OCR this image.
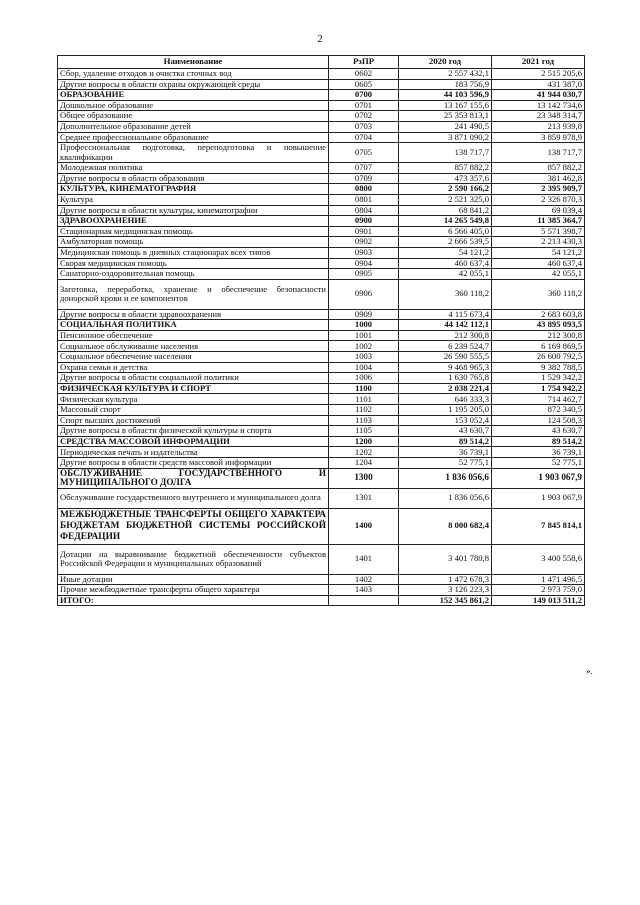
2
Наименование	РзПР	2020 год	2021 год
Сбор, удаление отходов и очистка сточных вод	0602	2 557 432,1	2 515 205,6
Другие вопросы в области охраны окружающей среды	0605	183 756,9	431 387,0
ОБРАЗОВАНИЕ	0700	44 103 596,9	41 944 030,7
Дошкольное образование	0701	13 167 155,6	13 142 734,6
Общее образование	0702	25 353 813,1	23 348 314,7
Дополнительное образование детей	0703	241 490,5	213 939,8
Среднее профессиональное образование	0704	3 871 090,2	3 859 978,9
Профессиональная подготовка, переподготовка и повышение квалификации	0705	138 717,7	138 717,7
Молодежная политика	0707	857 882,2	857 882,2
Другие вопросы в области образования	0709	473 357,6	381 462,8
КУЛЬТУРА, КИНЕМАТОГРАФИЯ	0800	2 590 166,2	2 395 909,7
Культура	0801	2 521 325,0	2 326 870,3
Другие вопросы в области культуры, кинематографии	0804	68 841,2	69 039,4
ЗДРАВООХРАНЕНИЕ	0900	14 265 549,8	11 385 364,7
Стационарная медицинская помощь	0901	6 566 405,0	5 571 398,7
Амбулаторная помощь	0902	2 666 539,5	2 213 430,3
Медицинская помощь в дневных стационарах всех типов	0903	54 121,2	54 121,2
Скорая медицинская помощь	0904	460 637,4	460 637,4
Санаторно-оздоровительная помощь	0905	42 055,1	42 055,1
Заготовка, переработка, хранение и обеспечение безопасности донорской крови и ее компонентов	0906	360 118,2	360 118,2
Другие вопросы в области здравоохранения	0909	4 115 673,4	2 683 603,8
СОЦИАЛЬНАЯ ПОЛИТИКА	1000	44 142 112,1	43 895 093,5
Пенсионное обеспечение	1001	212 300,8	212 300,8
Социальное обслуживание населения	1002	6 239 524,7	6 169 869,5
Социальное обеспечение населения	1003	26 590 555,5	26 600 792,5
Охрана семьи и детства	1004	9 468 965,3	9 382 788,5
Другие вопросы в области социальной политики	1006	1 630 765,8	1 529 342,2
ФИЗИЧЕСКАЯ КУЛЬТУРА И СПОРТ	1100	2 038 221,4	1 754 942,2
Физическая культура	1101	646 333,3	714 462,7
Массовый спорт	1102	1 195 205,0	872 340,5
Спорт высших достижений	1103	153 052,4	124 508,3
Другие вопросы в области физической культуры и спорта	1105	43 630,7	43 630,7
СРЕДСТВА МАССОВОЙ ИНФОРМАЦИИ	1200	89 514,2	89 514,2
Периодическая печать и издательства	1202	36 739,1	36 739,1
Другие вопросы в области средств массовой информации	1204	52 775,1	52 775,1
ОБСЛУЖИВАНИЕ ГОСУДАРСТВЕННОГО И МУНИЦИПАЛЬНОГО ДОЛГА	1300	1 836 056,6	1 903 067,9
Обслуживание государственного внутреннего и муниципального долга	1301	1 836 056,6	1 903 067,9
МЕЖБЮДЖЕТНЫЕ ТРАНСФЕРТЫ ОБЩЕГО ХАРАКТЕРА БЮДЖЕТАМ БЮДЖЕТНОЙ СИСТЕМЫ РОССИЙСКОЙ ФЕДЕРАЦИИ	1400	8 000 682,4	7 845 814,1
Дотации на выравнивание бюджетной обеспеченности субъектов Российской Федерации и муниципальных образований	1401	3 401 780,8	3 400 558,6
Иные дотации	1402	1 472 678,3	1 471 496,5
Прочие межбюджетные трансферты общего характера	1403	3 126 223,3	2 973 759,0
ИТОГО:		152 345 861,2	149 013 511,2
».
